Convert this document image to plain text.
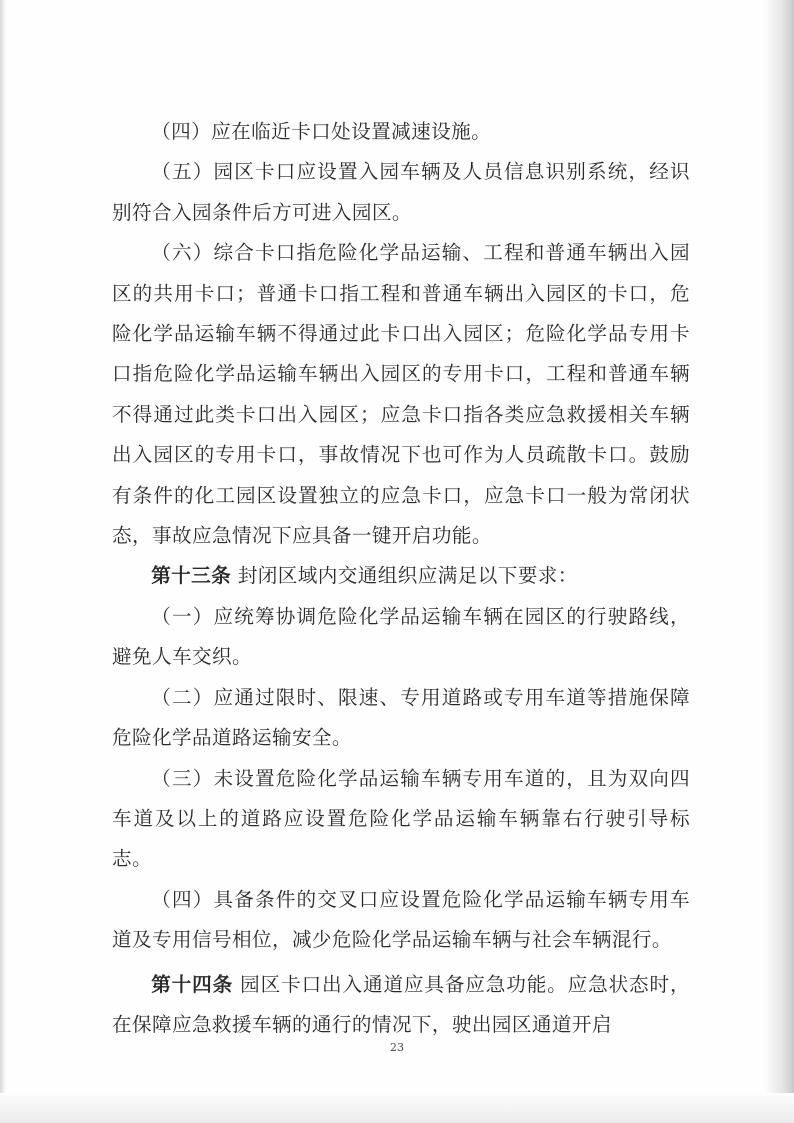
（四）应在临近卡口处设置减速设施。

（五）园区卡口应设置入园车辆及人员信息识别系统，经识别符合入园条件后方可进入园区。

（六）综合卡口指危险化学品运输、工程和普通车辆出入园区的共用卡口；普通卡口指工程和普通车辆出入园区的卡口，危险化学品运输车辆不得通过此卡口出入园区；危险化学品专用卡口指危险化学品运输车辆出入园区的专用卡口，工程和普通车辆不得通过此类卡口出入园区；应急卡口指各类应急救援相关车辆出入园区的专用卡口，事故情况下也可作为人员疏散卡口。鼓励有条件的化工园区设置独立的应急卡口，应急卡口一般为常闭状态，事故应急情况下应具备一键开启功能。

第十三条 封闭区域内交通组织应满足以下要求：

（一）应统筹协调危险化学品运输车辆在园区的行驶路线，避免人车交织。

（二）应通过限时、限速、专用道路或专用车道等措施保障危险化学品道路运输安全。

（三）未设置危险化学品运输车辆专用车道的，且为双向四车道及以上的道路应设置危险化学品运输车辆靠右行驶引导标志。

（四）具备条件的交叉口应设置危险化学品运输车辆专用车道及专用信号相位，减少危险化学品运输车辆与社会车辆混行。

第十四条 园区卡口出入通道应具备应急功能。应急状态时，在保障应急救援车辆的通行的情况下，驶出园区通道开启

23
